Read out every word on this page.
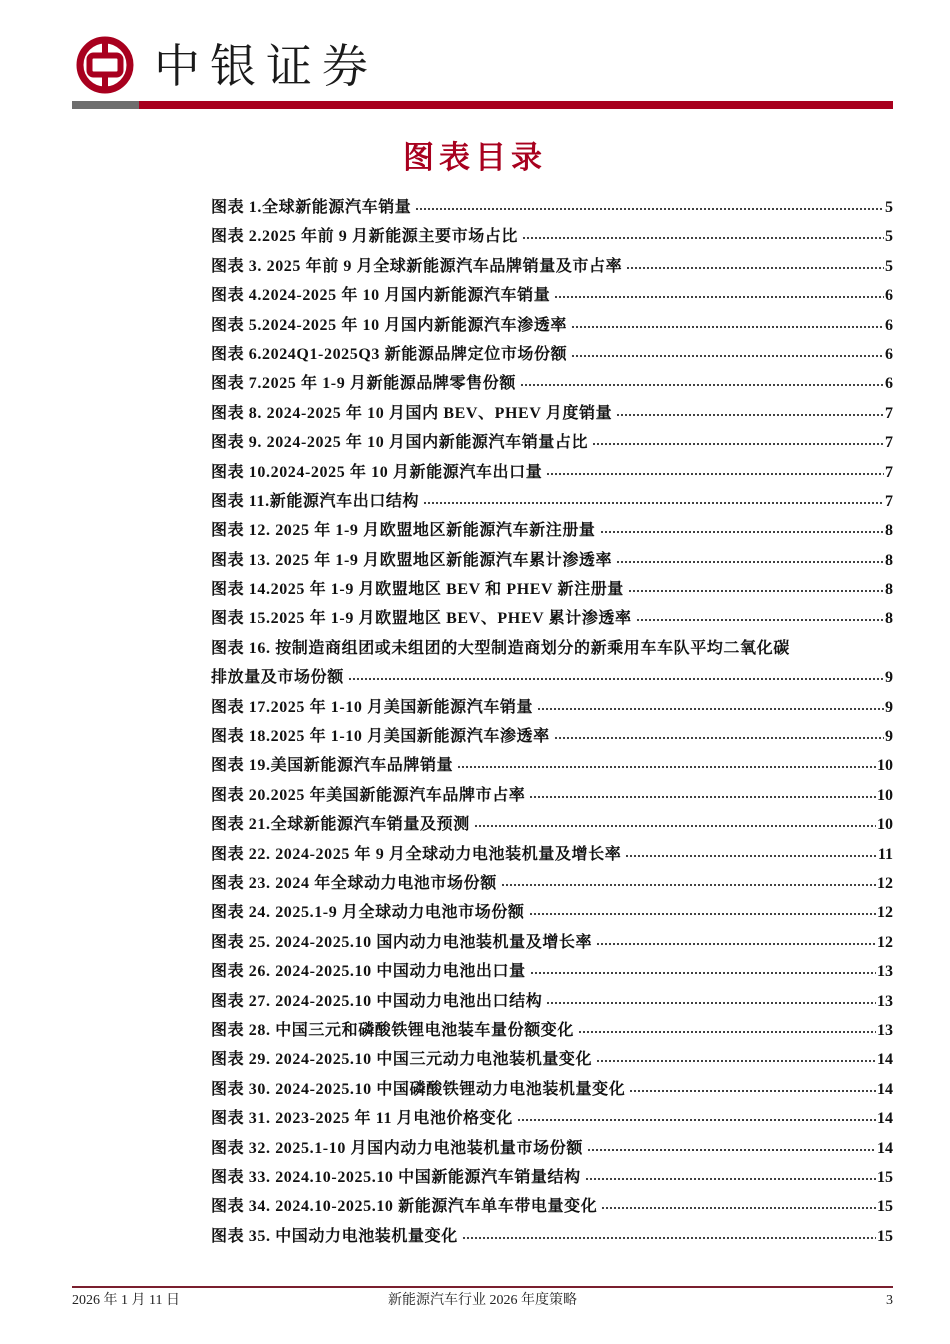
中银证券
图表目录
图表 1.全球新能源汽车销量	5
图表 2.2025 年前 9 月新能源主要市场占比	5
图表 3. 2025 年前 9 月全球新能源汽车品牌销量及市占率	5
图表 4.2024-2025 年 10 月国内新能源汽车销量	6
图表 5.2024-2025 年 10 月国内新能源汽车渗透率	6
图表 6.2024Q1-2025Q3 新能源品牌定位市场份额	6
图表 7.2025 年 1-9 月新能源品牌零售份额	6
图表 8. 2024-2025 年 10 月国内 BEV、PHEV 月度销量	7
图表 9. 2024-2025 年 10 月国内新能源汽车销量占比	7
图表 10.2024-2025 年 10 月新能源汽车出口量	7
图表 11.新能源汽车出口结构	7
图表 12. 2025 年 1-9 月欧盟地区新能源汽车新注册量	8
图表 13. 2025 年 1-9 月欧盟地区新能源汽车累计渗透率	8
图表 14.2025 年 1-9 月欧盟地区 BEV 和 PHEV 新注册量	8
图表 15.2025 年 1-9 月欧盟地区 BEV、PHEV 累计渗透率	8
图表 16. 按制造商组团或未组团的大型制造商划分的新乘用车车队平均二氧化碳
排放量及市场份额	9
图表 17.2025 年 1-10 月美国新能源汽车销量	9
图表 18.2025 年 1-10 月美国新能源汽车渗透率	9
图表 19.美国新能源汽车品牌销量	10
图表 20.2025 年美国新能源汽车品牌市占率	10
图表 21.全球新能源汽车销量及预测	10
图表 22. 2024-2025 年 9 月全球动力电池装机量及增长率	11
图表 23. 2024 年全球动力电池市场份额	12
图表 24. 2025.1-9 月全球动力电池市场份额	12
图表 25. 2024-2025.10 国内动力电池装机量及增长率	12
图表 26. 2024-2025.10 中国动力电池出口量	13
图表 27. 2024-2025.10 中国动力电池出口结构	13
图表 28. 中国三元和磷酸铁锂电池装车量份额变化	13
图表 29. 2024-2025.10 中国三元动力电池装机量变化	14
图表 30. 2024-2025.10 中国磷酸铁锂动力电池装机量变化	14
图表 31. 2023-2025 年 11 月电池价格变化	14
图表 32. 2025.1-10 月国内动力电池装机量市场份额	14
图表 33. 2024.10-2025.10 中国新能源汽车销量结构	15
图表 34. 2024.10-2025.10 新能源汽车单车带电量变化	15
图表 35. 中国动力电池装机量变化	15
2026 年 1 月 11 日	新能源汽车行业 2026 年度策略	3
